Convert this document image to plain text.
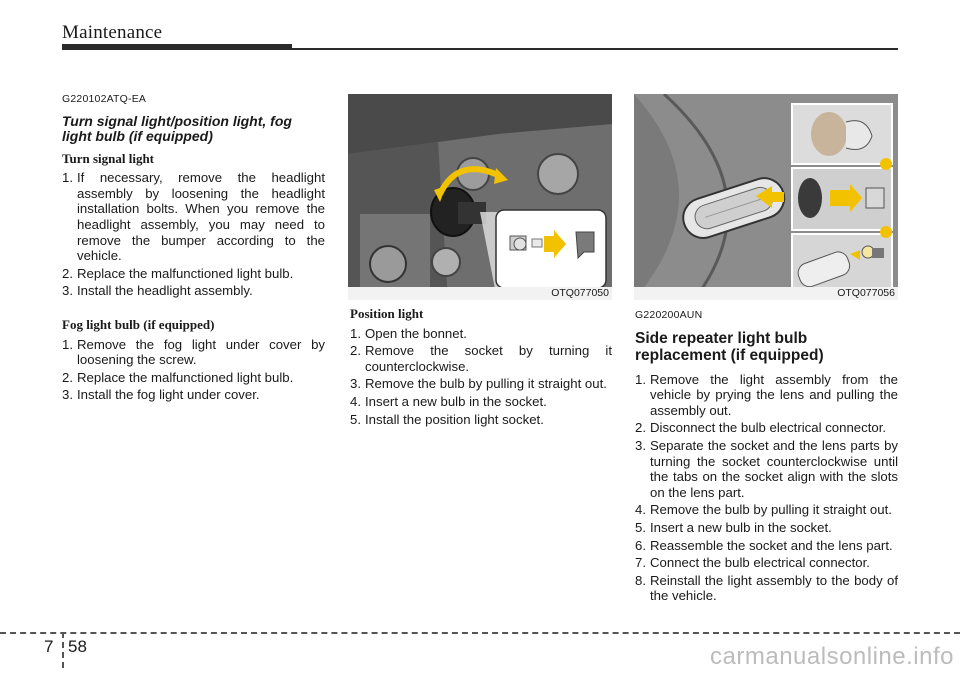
Maintenance
G220102ATQ-EA
Turn signal light/position light, fog light bulb (if equipped)
Turn signal light
1. If necessary, remove the headlight assembly by loosening the headlight installation bolts. When you remove the headlight assembly, you may need to remove the bumper according to the vehicle.
2. Replace the malfunctioned light bulb.
3. Install the headlight assembly.
Fog light bulb (if equipped)
1. Remove the fog light under cover by loosening the screw.
2. Replace the malfunctioned light bulb.
3. Install the fog light under cover.
OTQ077050
Position light
1. Open the bonnet.
2. Remove the socket by turning it counterclockwise.
3. Remove the bulb by pulling it straight out.
4. Insert a new bulb in the socket.
5. Install the position light socket.
OTQ077056
G220200AUN
Side repeater light bulb replacement (if equipped)
1. Remove the light assembly from the vehicle by prying the lens and pulling the assembly out.
2. Disconnect the bulb electrical connector.
3. Separate the socket and the lens parts by turning the socket counterclockwise until the tabs on the socket align with the slots on the lens part.
4. Remove the bulb by pulling it straight out.
5. Insert a new bulb in the socket.
6. Reassemble the socket and the lens part.
7. Connect the bulb electrical connector.
8. Reinstall the light assembly to the body of the vehicle.
7 58	carmanualsonline.info
